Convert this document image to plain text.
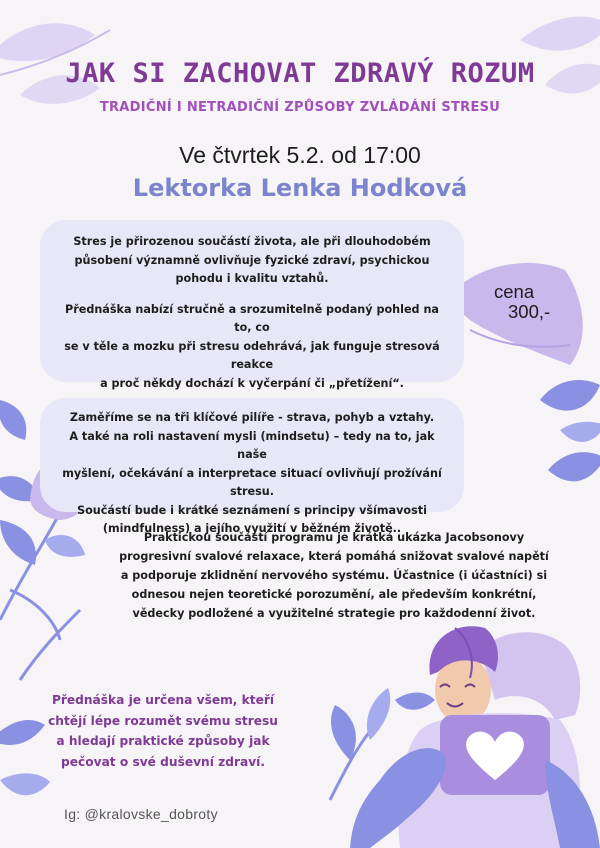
JAK SI ZACHOVAT ZDRAVÝ ROZUM
TRADIČNÍ I NETRADIČNÍ ZPŮSOBY ZVLÁDÁNÍ STRESU
Ve čtvrtek 5.2. od 17:00
Lektorka Lenka Hodková
Stres je přirozenou součástí života, ale při dlouhodobém
působení významně ovlivňuje fyzické zdraví, psychickou
pohodu i kvalitu vztahů.
Přednáška nabízí stručně a srozumitelně podaný pohled na to, co
se v těle a mozku při stresu odehrává, jak funguje stresová reakce
a proč někdy dochází k vyčerpání či „přetížení“.
cena
300,-
Zaměříme se na tři klíčové pilíře - strava, pohyb a vztahy.
A také na roli nastavení mysli (mindsetu) – tedy na to, jak naše
myšlení, očekávání a interpretace situací ovlivňují prožívání stresu.
Součástí bude i krátké seznámení s principy všímavosti
(mindfulness) a jejího využití v běžném životě..
Praktickou součástí programu je krátká ukázka Jacobsonovy
progresivní svalové relaxace, která pomáhá snižovat svalové napětí
a podporuje zklidnění nervového systému. Účastnice (i účastníci) si
odnesou nejen teoretické porozumění, ale především konkrétní,
vědecky podložené a využitelné strategie pro každodenní život.
Přednáška je určena všem, kteří
chtějí lépe rozumět svému stresu
a hledají praktické způsoby jak
pečovat o své duševní zdraví.
Ig: @kralovske_dobroty
